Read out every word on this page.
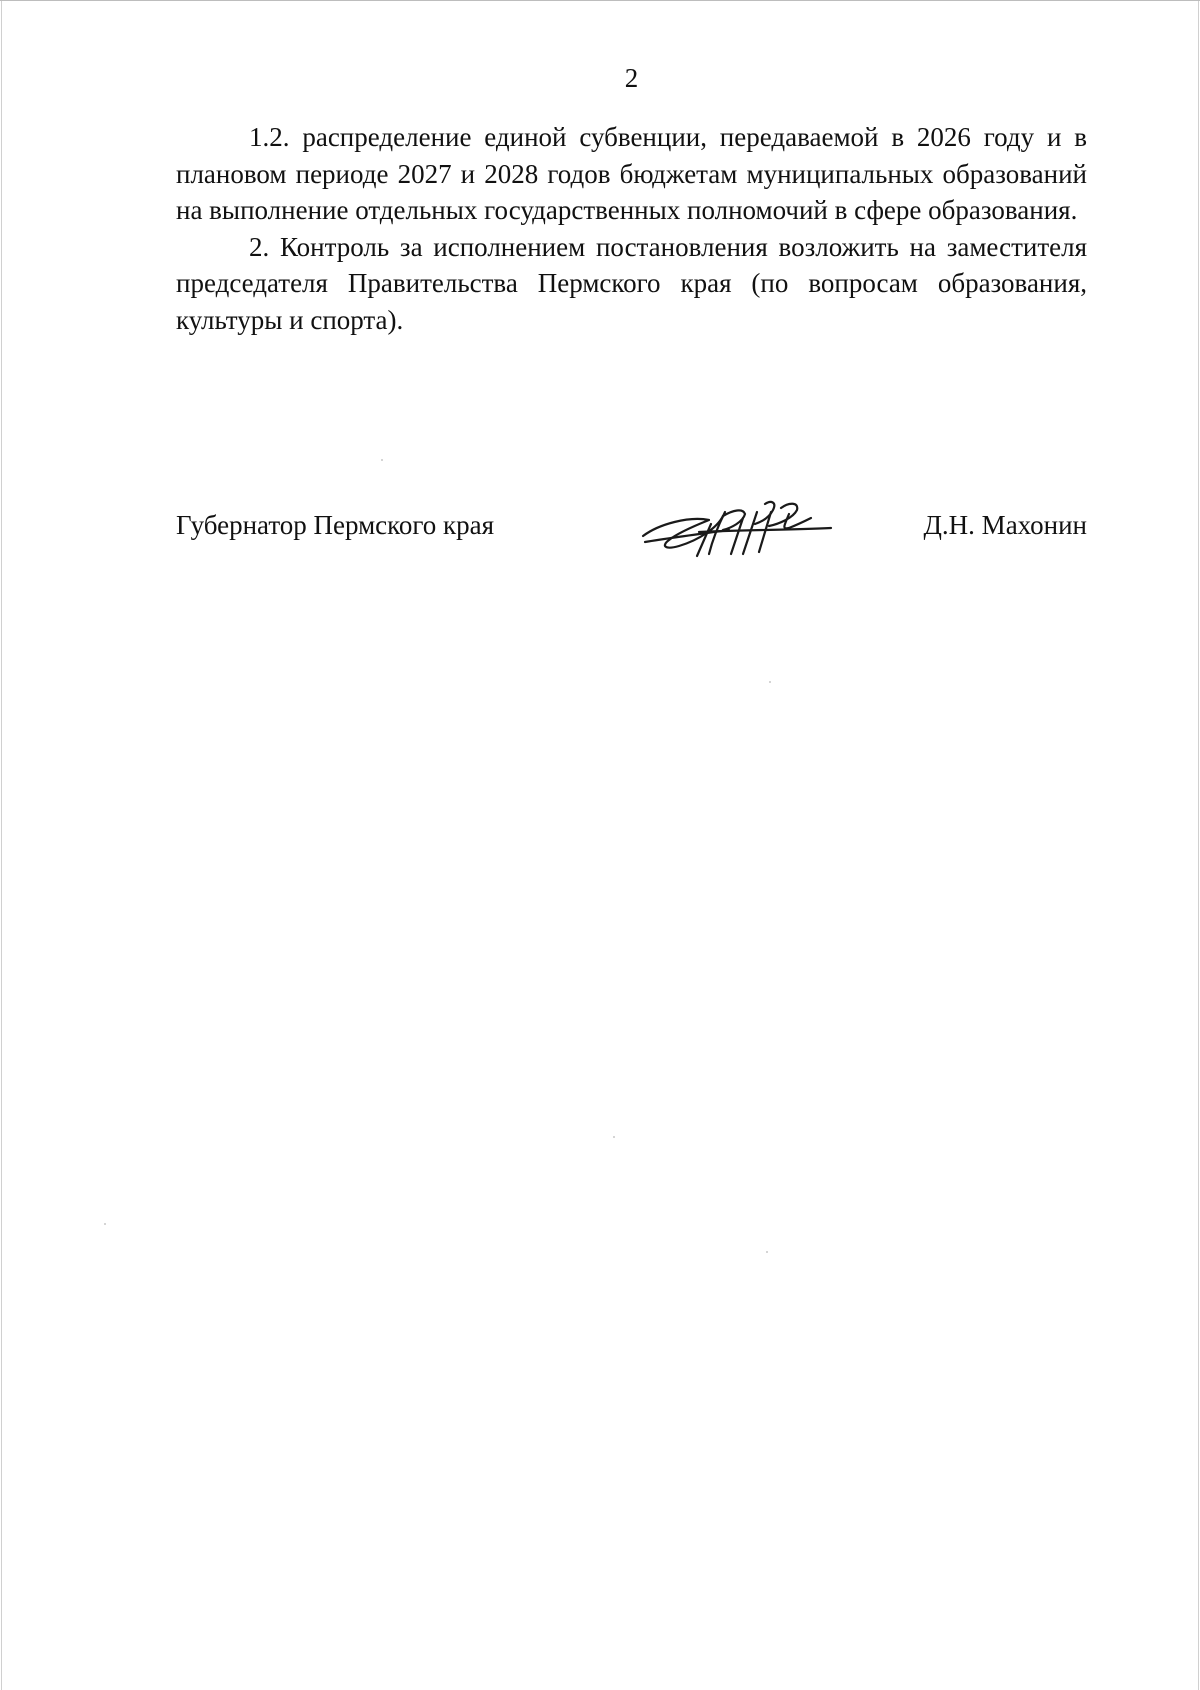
2

1.2. распределение единой субвенции, передаваемой в 2026 году и в плановом периоде 2027 и 2028 годов бюджетам муниципальных образований на выполнение отдельных государственных полномочий в сфере образования.

2. Контроль за исполнением постановления возложить на заместителя председателя Правительства Пермского края (по вопросам образования, культуры и спорта).

Губернатор Пермского края	Д.Н. Махонин
